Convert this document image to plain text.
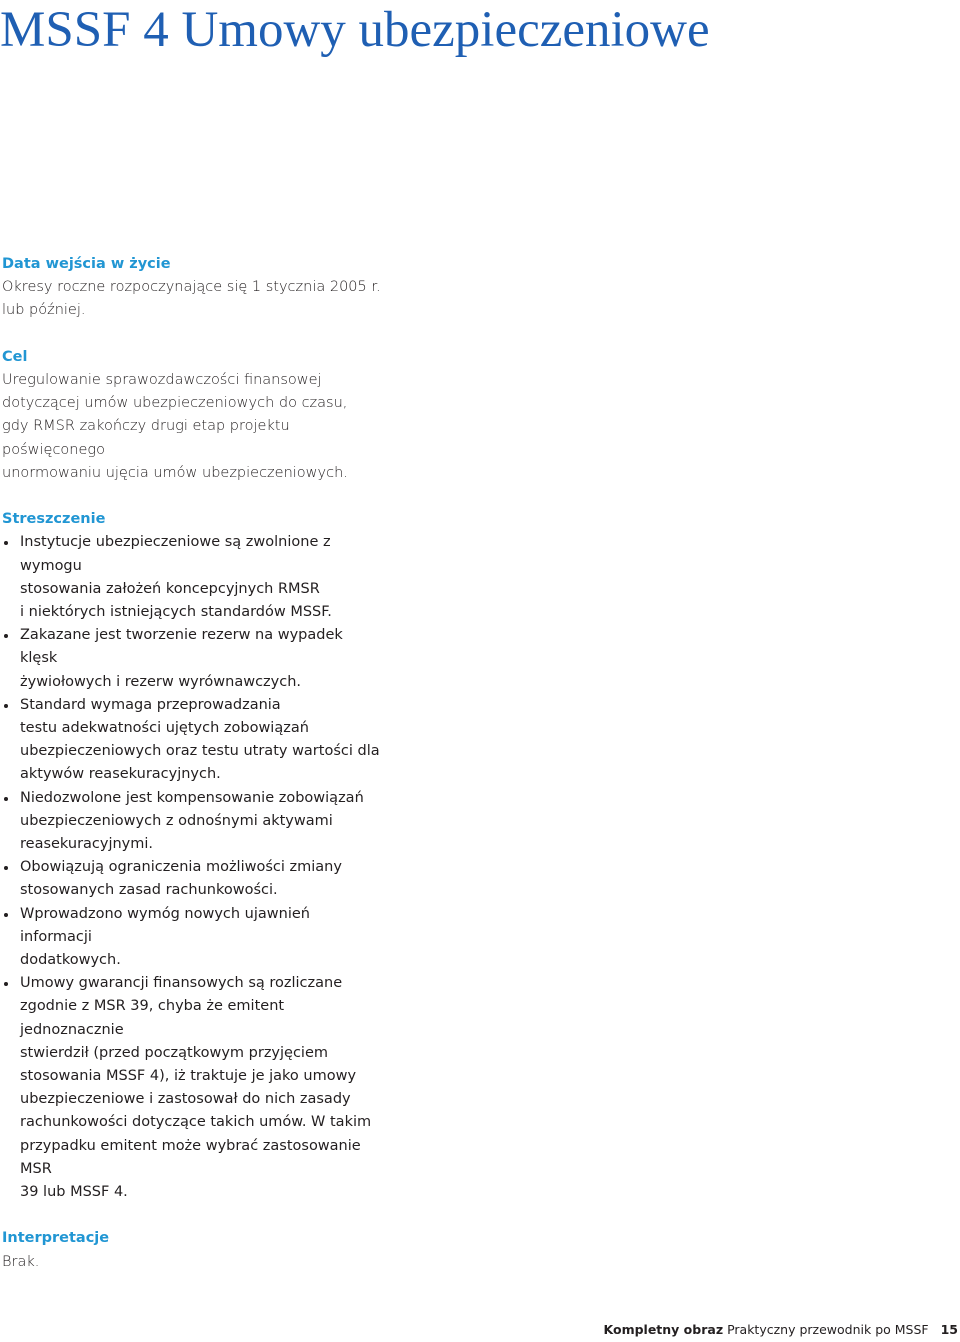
MSSF 4 Umowy ubezpieczeniowe
Data wejścia w życie

Okresy roczne rozpoczynające się 1 stycznia 2005 r.
lub później.

Cel

Uregulowanie sprawozdawczości finansowej
dotyczącej umów ubezpieczeniowych do czasu,
gdy RMSR zakończy drugi etap projektu poświęconego
unormowaniu ujęcia umów ubezpieczeniowych.

Streszczenie
Instytucje ubezpieczeniowe są zwolnione z wymogu
stosowania założeń koncepcyjnych RMSR
i niektórych istniejących standardów MSSF.
Zakazane jest tworzenie rezerw na wypadek klęsk
żywiołowych i rezerw wyrównawczych.
Standard wymaga przeprowadzania
testu adekwatności ujętych zobowiązań
ubezpieczeniowych oraz testu utraty wartości dla
aktywów reasekuracyjnych.
Niedozwolone jest kompensowanie zobowiązań
ubezpieczeniowych z odnośnymi aktywami
reasekuracyjnymi.
Obowiązują ograniczenia możliwości zmiany
stosowanych zasad rachunkowości.
Wprowadzono wymóg nowych ujawnień informacji
dodatkowych.
Umowy gwarancji finansowych są rozliczane
zgodnie z MSR 39, chyba że emitent jednoznacznie
stwierdził (przed początkowym przyjęciem
stosowania MSSF 4), iż traktuje je jako umowy
ubezpieczeniowe i zastosował do nich zasady
rachunkowości dotyczące takich umów. W takim
przypadku emitent może wybrać zastosowanie MSR
39 lub MSSF 4.
Interpretacje

Brak.

Kompletny obraz Praktyczny przewodnik po MSSF 15
